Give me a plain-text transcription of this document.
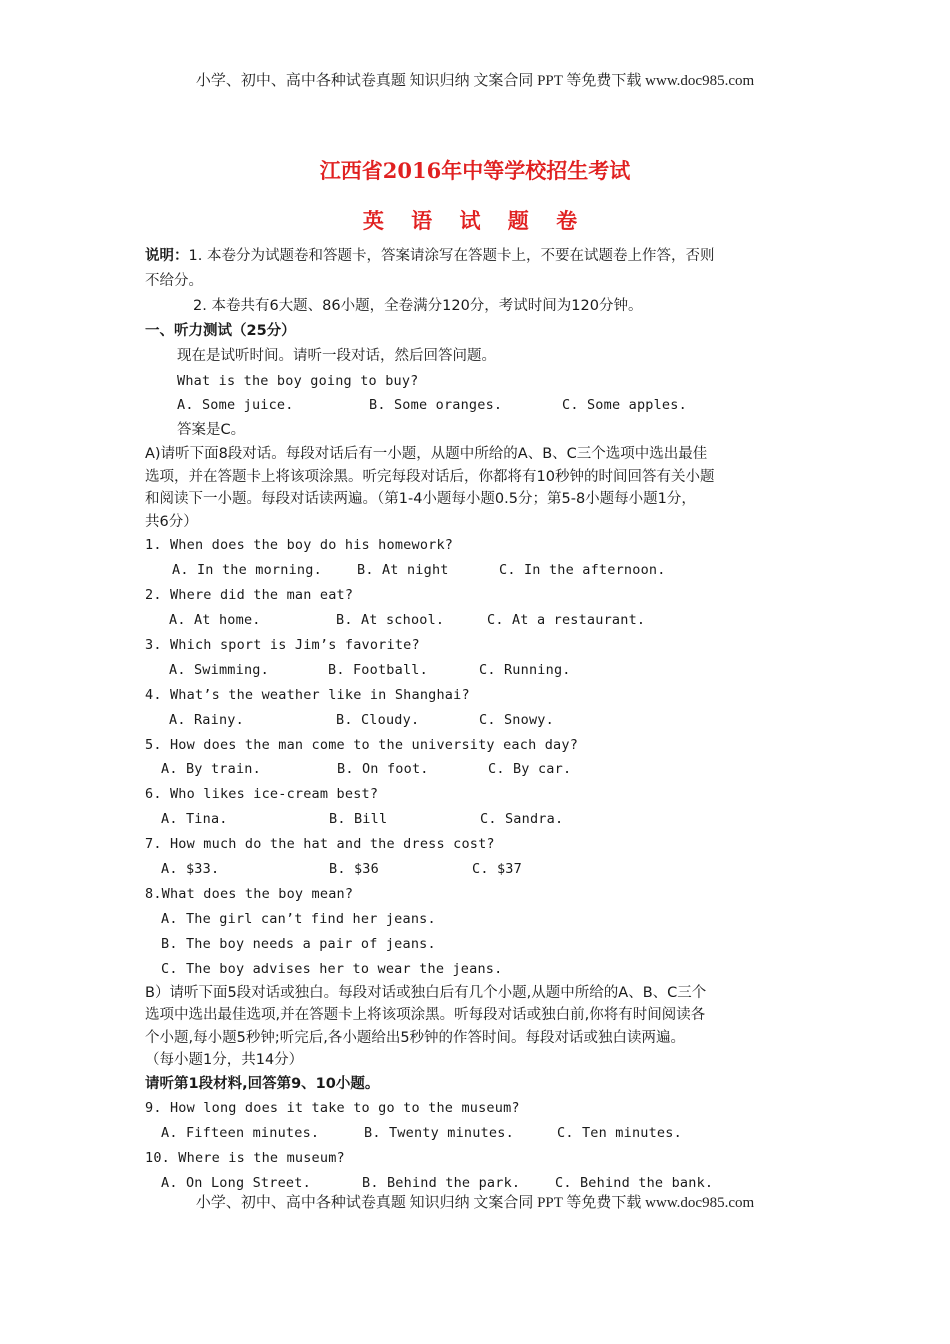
小学、初中、高中各种试卷真题 知识归纳 文案合同 PPT 等免费下载 www.doc985.com
江西省2016年中等学校招生考试
英 语 试 题 卷
说明：1. 本卷分为试题卷和答题卡，答案请涂写在答题卡上，不要在试题卷上作答，否则
不给分。
2. 本卷共有6大题、86小题，全卷满分120分，考试时间为120分钟。
一、听力测试（25分）
现在是试听时间。请听一段对话，然后回答问题。
What is the boy going to buy?
A. Some juice.	B. Some oranges.	C. Some apples.
答案是C。
A)请听下面8段对话。每段对话后有一小题，从题中所给的A、B、C三个选项中选出最佳
选项，并在答题卡上将该项涂黑。听完每段对话后，你都将有10秒钟的时间回答有关小题
和阅读下一小题。每段对话读两遍。（第1-4小题每小题0.5分；第5-8小题每小题1分，
共6分）
1. When does the boy do his homework?
A. In the morning.	B. At night	C. In the afternoon.
2. Where did the man eat?
A. At home.	B. At school.	C. At a restaurant.
3. Which sport is Jim’s favorite?
A. Swimming.	B. Football.	C. Running.
4. What’s the weather like in Shanghai?
A. Rainy.	B. Cloudy.	C. Snowy.
5. How does the man come to the university each day?
A. By train.	B. On foot.	C. By car.
6. Who likes ice-cream best?
A. Tina.	B. Bill	C. Sandra.
7. How much do the hat and the dress cost?
A. $33.	B. $36	C. $37
8.What does the boy mean?
A. The girl can’t find her jeans.
B. The boy needs a pair of jeans.
C. The boy advises her to wear the jeans.
B）请听下面5段对话或独白。每段对话或独白后有几个小题,从题中所给的A、B、C三个
选项中选出最佳选项,并在答题卡上将该项涂黑。听每段对话或独白前,你将有时间阅读各
个小题,每小题5秒钟;听完后,各小题给出5秒钟的作答时间。每段对话或独白读两遍。
（每小题1分，共14分）
请听第1段材料,回答第9、10小题。
9. How long does it take to go to the museum?
A. Fifteen minutes.	B. Twenty minutes.	C. Ten minutes.
10. Where is the museum?
A. On Long Street.	B. Behind the park.	C. Behind the bank.
小学、初中、高中各种试卷真题 知识归纳 文案合同 PPT 等免费下载 www.doc985.com
